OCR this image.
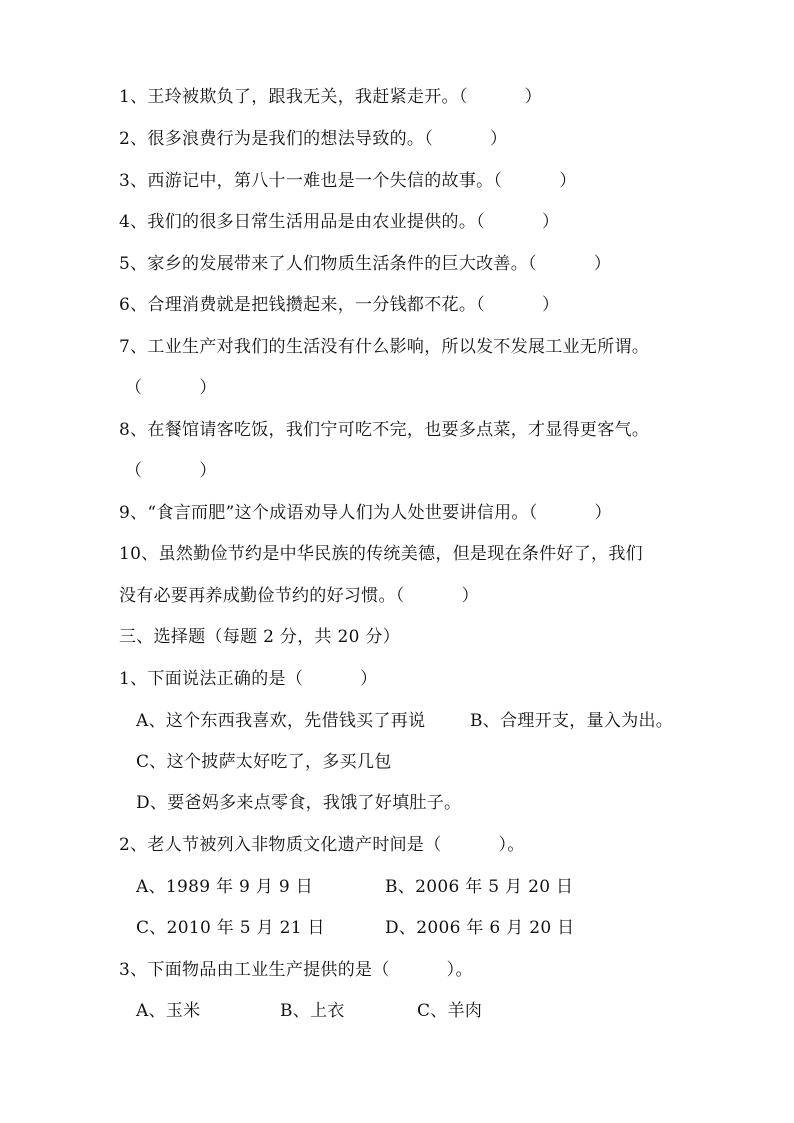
1、王玲被欺负了，跟我无关，我赶紧走开。（          ）
2、很多浪费行为是我们的想法导致的。（          ）
3、西游记中，第八十一难也是一个失信的故事。（          ）
4、我们的很多日常生活用品是由农业提供的。（          ）
5、家乡的发展带来了人们物质生活条件的巨大改善。（          ）
6、合理消费就是把钱攒起来，一分钱都不花。（          ）
7、工业生产对我们的生活没有什么影响，所以发不发展工业无所谓。
（          ）
8、在餐馆请客吃饭，我们宁可吃不完，也要多点菜，才显得更客气。
（          ）
9、“食言而肥”这个成语劝导人们为人处世要讲信用。（          ）
10、虽然勤俭节约是中华民族的传统美德，但是现在条件好了，我们
没有必要再养成勤俭节约的好习惯。（          ）
三、选择题（每题 2 分，共 20 分）
1、下面说法正确的是（          ）
A、这个东西我喜欢，先借钱买了再说	B、合理开支，量入为出。
C、这个披萨太好吃了，多买几包
D、要爸妈多来点零食，我饿了好填肚子。
2、老人节被列入非物质文化遗产时间是（          ）。
A、1989 年 9 月 9 日	B、2006 年 5 月 20 日
C、2010 年 5 月 21 日	D、2006 年 6 月 20 日
3、下面物品由工业生产提供的是（          ）。
A、玉米	B、上衣	C、羊肉
